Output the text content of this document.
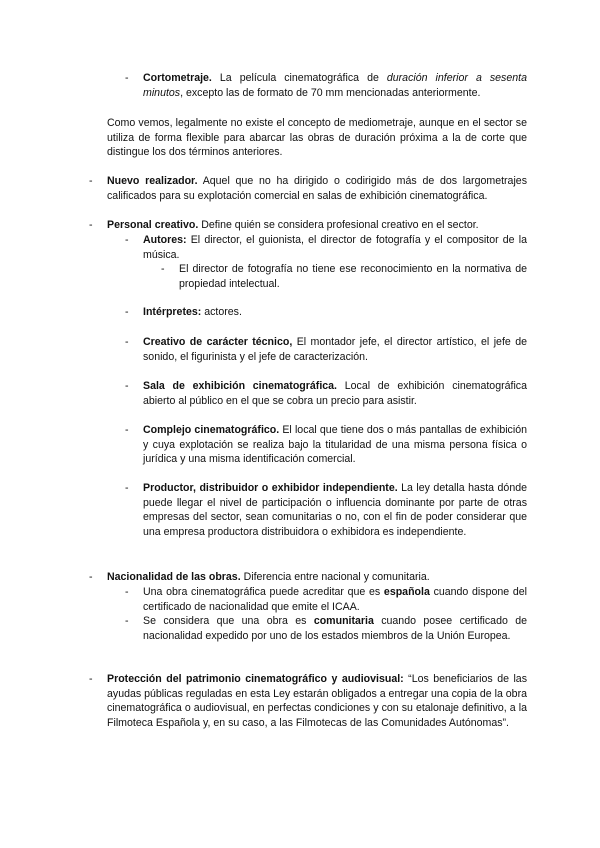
- Cortometraje. La película cinematográfica de duración inferior a sesenta minutos, excepto las de formato de 70 mm mencionadas anteriormente.
Como vemos, legalmente no existe el concepto de mediometraje, aunque en el sector se utiliza de forma flexible para abarcar las obras de duración próxima a la de corte que distingue los dos términos anteriores.
- Nuevo realizador. Aquel que no ha dirigido o codirigido más de dos largometrajes calificados para su explotación comercial en salas de exhibición cinematográfica.
- Personal creativo. Define quién se considera profesional creativo en el sector.
- Autores: El director, el guionista, el director de fotografía y el compositor de la música.
- El director de fotografía no tiene ese reconocimiento en la normativa de propiedad intelectual.
- Intérpretes: actores.
- Creativo de carácter técnico, El montador jefe, el director artístico, el jefe de sonido, el figurinista y el jefe de caracterización.
- Sala de exhibición cinematográfica. Local de exhibición cinematográfica abierto al público en el que se cobra un precio para asistir.
- Complejo cinematográfico. El local que tiene dos o más pantallas de exhibición y cuya explotación se realiza bajo la titularidad de una misma persona física o jurídica y una misma identificación comercial.
- Productor, distribuidor o exhibidor independiente. La ley detalla hasta dónde puede llegar el nivel de participación o influencia dominante por parte de otras empresas del sector, sean comunitarias o no, con el fin de poder considerar que una empresa productora distribuidora o exhibidora es independiente.
- Nacionalidad de las obras. Diferencia entre nacional y comunitaria.
- Una obra cinematográfica puede acreditar que es española cuando dispone del certificado de nacionalidad que emite el ICAA.
- Se considera que una obra es comunitaria cuando posee certificado de nacionalidad expedido por uno de los estados miembros de la Unión Europea.
- Protección del patrimonio cinematográfico y audiovisual: “Los beneficiarios de las ayudas públicas reguladas en esta Ley estarán obligados a entregar una copia de la obra cinematográfica o audiovisual, en perfectas condiciones y con su etalonaje definitivo, a la Filmoteca Española y, en su caso, a las Filmotecas de las Comunidades Autónomas”.
